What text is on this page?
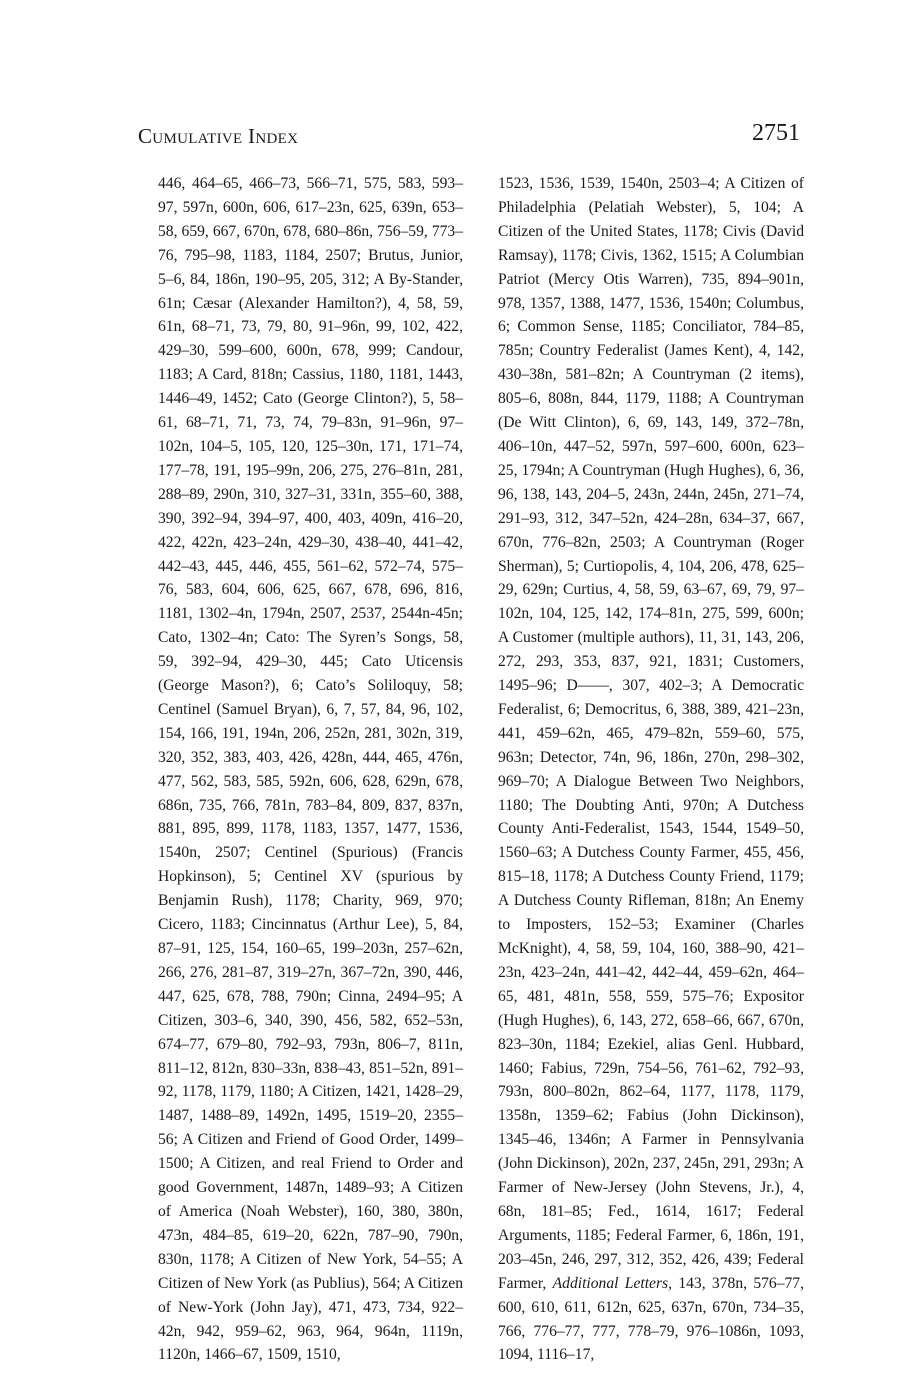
Cumulative Index	2751

446, 464–65, 466–73, 566–71, 575, 583, 593–97, 597n, 600n, 606, 617–23n, 625, 639n, 653–58, 659, 667, 670n, 678, 680–86n, 756–59, 773–76, 795–98, 1183, 1184, 2507; Brutus, Junior, 5–6, 84, 186n, 190–95, 205, 312; A By-Stander, 61n; Cæsar (Alexander Hamilton?), 4, 58, 59, 61n, 68–71, 73, 79, 80, 91–96n, 99, 102, 422, 429–30, 599–600, 600n, 678, 999; Candour, 1183; A Card, 818n; Cassius, 1180, 1181, 1443, 1446–49, 1452; Cato (George Clinton?), 5, 58–61, 68–71, 71, 73, 74, 79–83n, 91–96n, 97–102n, 104–5, 105, 120, 125–30n, 171, 171–74, 177–78, 191, 195–99n, 206, 275, 276–81n, 281, 288–89, 290n, 310, 327–31, 331n, 355–60, 388, 390, 392–94, 394–97, 400, 403, 409n, 416–20, 422, 422n, 423–24n, 429–30, 438–40, 441–42, 442–43, 445, 446, 455, 561–62, 572–74, 575–76, 583, 604, 606, 625, 667, 678, 696, 816, 1181, 1302–4n, 1794n, 2507, 2537, 2544n-45n; Cato, 1302–4n; Cato: The Syren’s Songs, 58, 59, 392–94, 429–30, 445; Cato Uticensis (George Mason?), 6; Cato’s Soliloquy, 58; Centinel (Samuel Bryan), 6, 7, 57, 84, 96, 102, 154, 166, 191, 194n, 206, 252n, 281, 302n, 319, 320, 352, 383, 403, 426, 428n, 444, 465, 476n, 477, 562, 583, 585, 592n, 606, 628, 629n, 678, 686n, 735, 766, 781n, 783–84, 809, 837, 837n, 881, 895, 899, 1178, 1183, 1357, 1477, 1536, 1540n, 2507; Centinel (Spurious) (Francis Hopkinson), 5; Centinel XV (spurious by Benjamin Rush), 1178; Charity, 969, 970; Cicero, 1183; Cincinnatus (Arthur Lee), 5, 84, 87–91, 125, 154, 160–65, 199–203n, 257–62n, 266, 276, 281–87, 319–27n, 367–72n, 390, 446, 447, 625, 678, 788, 790n; Cinna, 2494–95; A Citizen, 303–6, 340, 390, 456, 582, 652–53n, 674–77, 679–80, 792–93, 793n, 806–7, 811n, 811–12, 812n, 830–33n, 838–43, 851–52n, 891–92, 1178, 1179, 1180; A Citizen, 1421, 1428–29, 1487, 1488–89, 1492n, 1495, 1519–20, 2355–56; A Citizen and Friend of Good Order, 1499–1500; A Citizen, and real Friend to Order and good Government, 1487n, 1489–93; A Citizen of America (Noah Webster), 160, 380, 380n, 473n, 484–85, 619–20, 622n, 787–90, 790n, 830n, 1178; A Citizen of New York, 54–55; A Citizen of New York (as Publius), 564; A Citizen of New-York (John Jay), 471, 473, 734, 922–42n, 942, 959–62, 963, 964, 964n, 1119n, 1120n, 1466–67, 1509, 1510,

1523, 1536, 1539, 1540n, 2503–4; A Citizen of Philadelphia (Pelatiah Webster), 5, 104; A Citizen of the United States, 1178; Civis (David Ramsay), 1178; Civis, 1362, 1515; A Columbian Patriot (Mercy Otis Warren), 735, 894–901n, 978, 1357, 1388, 1477, 1536, 1540n; Columbus, 6; Common Sense, 1185; Conciliator, 784–85, 785n; Country Federalist (James Kent), 4, 142, 430–38n, 581–82n; A Countryman (2 items), 805–6, 808n, 844, 1179, 1188; A Countryman (De Witt Clinton), 6, 69, 143, 149, 372–78n, 406–10n, 447–52, 597n, 597–600, 600n, 623–25, 1794n; A Countryman (Hugh Hughes), 6, 36, 96, 138, 143, 204–5, 243n, 244n, 245n, 271–74, 291–93, 312, 347–52n, 424–28n, 634–37, 667, 670n, 776–82n, 2503; A Countryman (Roger Sherman), 5; Curtiopolis, 4, 104, 206, 478, 625–29, 629n; Curtius, 4, 58, 59, 63–67, 69, 79, 97–102n, 104, 125, 142, 174–81n, 275, 599, 600n; A Customer (multiple authors), 11, 31, 143, 206, 272, 293, 353, 837, 921, 1831; Customers, 1495–96; D––––, 307, 402–3; A Democratic Federalist, 6; Democritus, 6, 388, 389, 421–23n, 441, 459–62n, 465, 479–82n, 559–60, 575, 963n; Detector, 74n, 96, 186n, 270n, 298–302, 969–70; A Dialogue Between Two Neighbors, 1180; The Doubting Anti, 970n; A Dutchess County Anti-Federalist, 1543, 1544, 1549–50, 1560–63; A Dutchess County Farmer, 455, 456, 815–18, 1178; A Dutchess County Friend, 1179; A Dutchess County Rifleman, 818n; An Enemy to Imposters, 152–53; Examiner (Charles McKnight), 4, 58, 59, 104, 160, 388–90, 421–23n, 423–24n, 441–42, 442–44, 459–62n, 464–65, 481, 481n, 558, 559, 575–76; Expositor (Hugh Hughes), 6, 143, 272, 658–66, 667, 670n, 823–30n, 1184; Ezekiel, alias Genl. Hubbard, 1460; Fabius, 729n, 754–56, 761–62, 792–93, 793n, 800–802n, 862–64, 1177, 1178, 1179, 1358n, 1359–62; Fabius (John Dickinson), 1345–46, 1346n; A Farmer in Pennsylvania (John Dickinson), 202n, 237, 245n, 291, 293n; A Farmer of New-Jersey (John Stevens, Jr.), 4, 68n, 181–85; Fed., 1614, 1617; Federal Arguments, 1185; Federal Farmer, 6, 186n, 191, 203–45n, 246, 297, 312, 352, 426, 439; Federal Farmer, Additional Letters, 143, 378n, 576–77, 600, 610, 611, 612n, 625, 637n, 670n, 734–35, 766, 776–77, 777, 778–79, 976–1086n, 1093, 1094, 1116–17,
